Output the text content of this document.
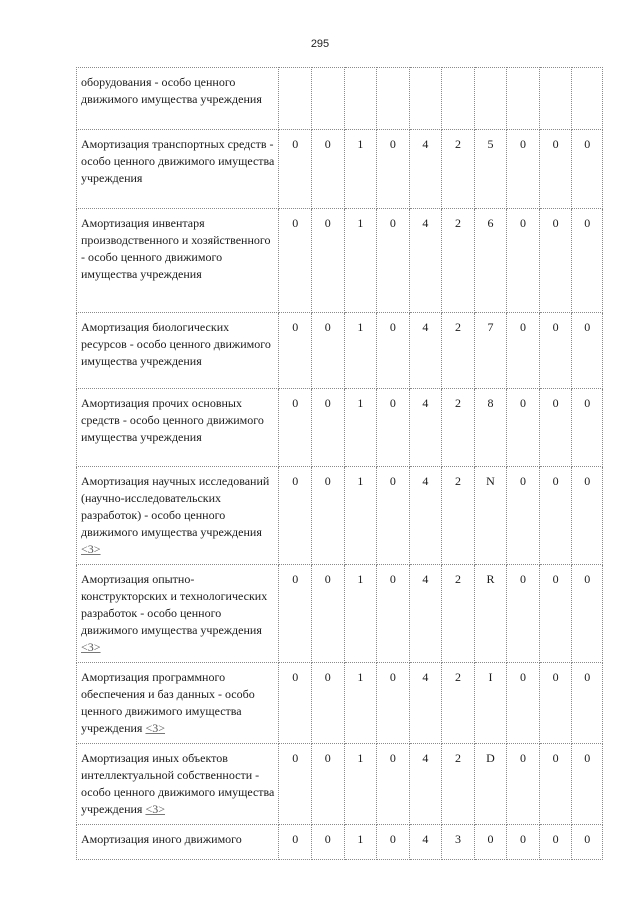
295
оборудования - особо ценного движимого имущества учреждения										
Амортизация транспортных средств - особо ценного движимого имущества учреждения	0	0	1	0	4	2	5	0	0	0
Амортизация инвентаря производственного и хозяйственного - особо ценного движимого имущества учреждения	0	0	1	0	4	2	6	0	0	0
Амортизация биологических ресурсов - особо ценного движимого имущества учреждения	0	0	1	0	4	2	7	0	0	0
Амортизация прочих основных средств - особо ценного движимого имущества учреждения	0	0	1	0	4	2	8	0	0	0
Амортизация научных исследований (научно-исследовательских разработок) - особо ценного движимого имущества учреждения <3>	0	0	1	0	4	2	N	0	0	0
Амортизация опытно-конструкторских и технологических разработок - особо ценного движимого имущества учреждения <3>	0	0	1	0	4	2	R	0	0	0
Амортизация программного обеспечения и баз данных - особо ценного движимого имущества учреждения <3>	0	0	1	0	4	2	I	0	0	0
Амортизация иных объектов интеллектуальной собственности - особо ценного движимого имущества учреждения <3>	0	0	1	0	4	2	D	0	0	0
Амортизация иного движимого	0	0	1	0	4	3	0	0	0	0
